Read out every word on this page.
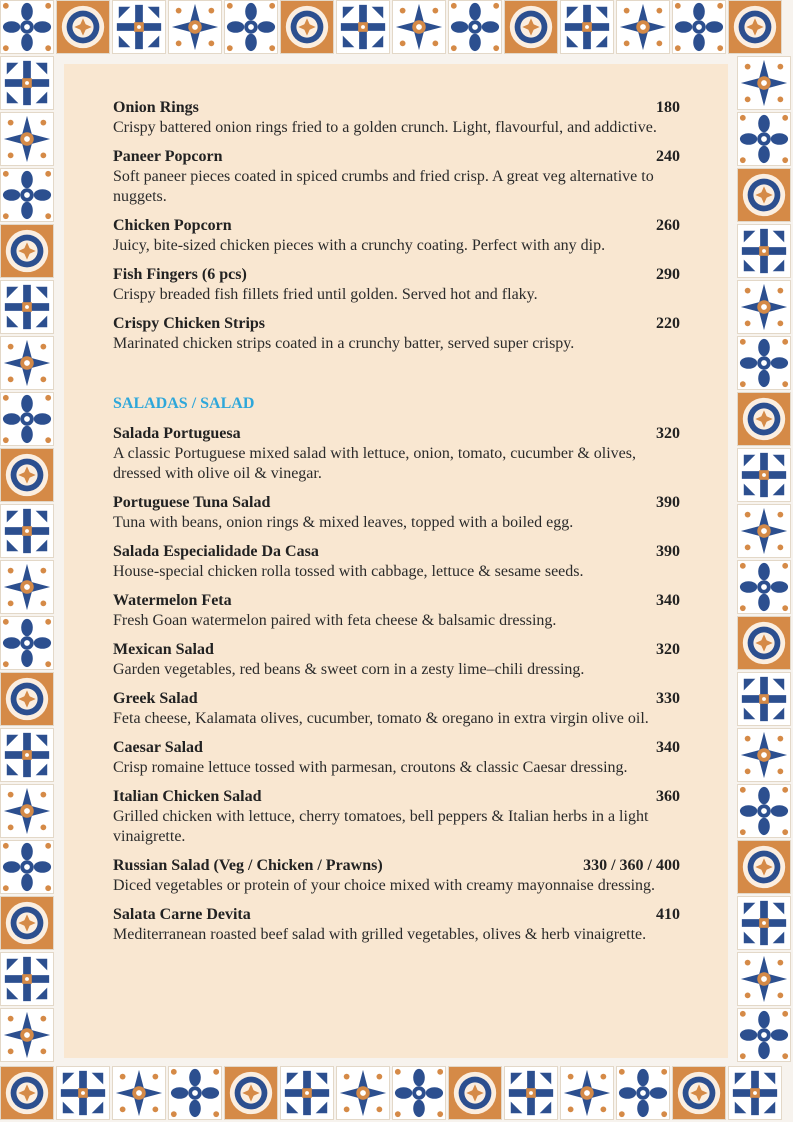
Onion Rings	180
Crispy battered onion rings fried to a golden crunch. Light, flavourful, and addictive.
Paneer Popcorn	240
Soft paneer pieces coated in spiced crumbs and fried crisp. A great veg alternative to nuggets.
Chicken Popcorn	260
Juicy, bite-sized chicken pieces with a crunchy coating. Perfect with any dip.
Fish Fingers (6 pcs)	290
Crispy breaded fish fillets fried until golden. Served hot and flaky.
Crispy Chicken Strips	220
Marinated chicken strips coated in a crunchy batter, served super crispy.
SALADAS / SALAD
Salada Portuguesa	320
A classic Portuguese mixed salad with lettuce, onion, tomato, cucumber & olives, dressed with olive oil & vinegar.
Portuguese Tuna Salad	390
Tuna with beans, onion rings & mixed leaves, topped with a boiled egg.
Salada Especialidade Da Casa	390
House-special chicken rolla tossed with cabbage, lettuce & sesame seeds.
Watermelon Feta	340
Fresh Goan watermelon paired with feta cheese & balsamic dressing.
Mexican Salad	320
Garden vegetables, red beans & sweet corn in a zesty lime–chili dressing.
Greek Salad	330
Feta cheese, Kalamata olives, cucumber, tomato & oregano in extra virgin olive oil.
Caesar Salad	340
Crisp romaine lettuce tossed with parmesan, croutons & classic Caesar dressing.
Italian Chicken Salad	360
Grilled chicken with lettuce, cherry tomatoes, bell peppers & Italian herbs in a light vinaigrette.
Russian Salad (Veg / Chicken / Prawns)	330 / 360 / 400
Diced vegetables or protein of your choice mixed with creamy mayonnaise dressing.
Salata Carne Devita	410
Mediterranean roasted beef salad with grilled vegetables, olives & herb vinaigrette.
